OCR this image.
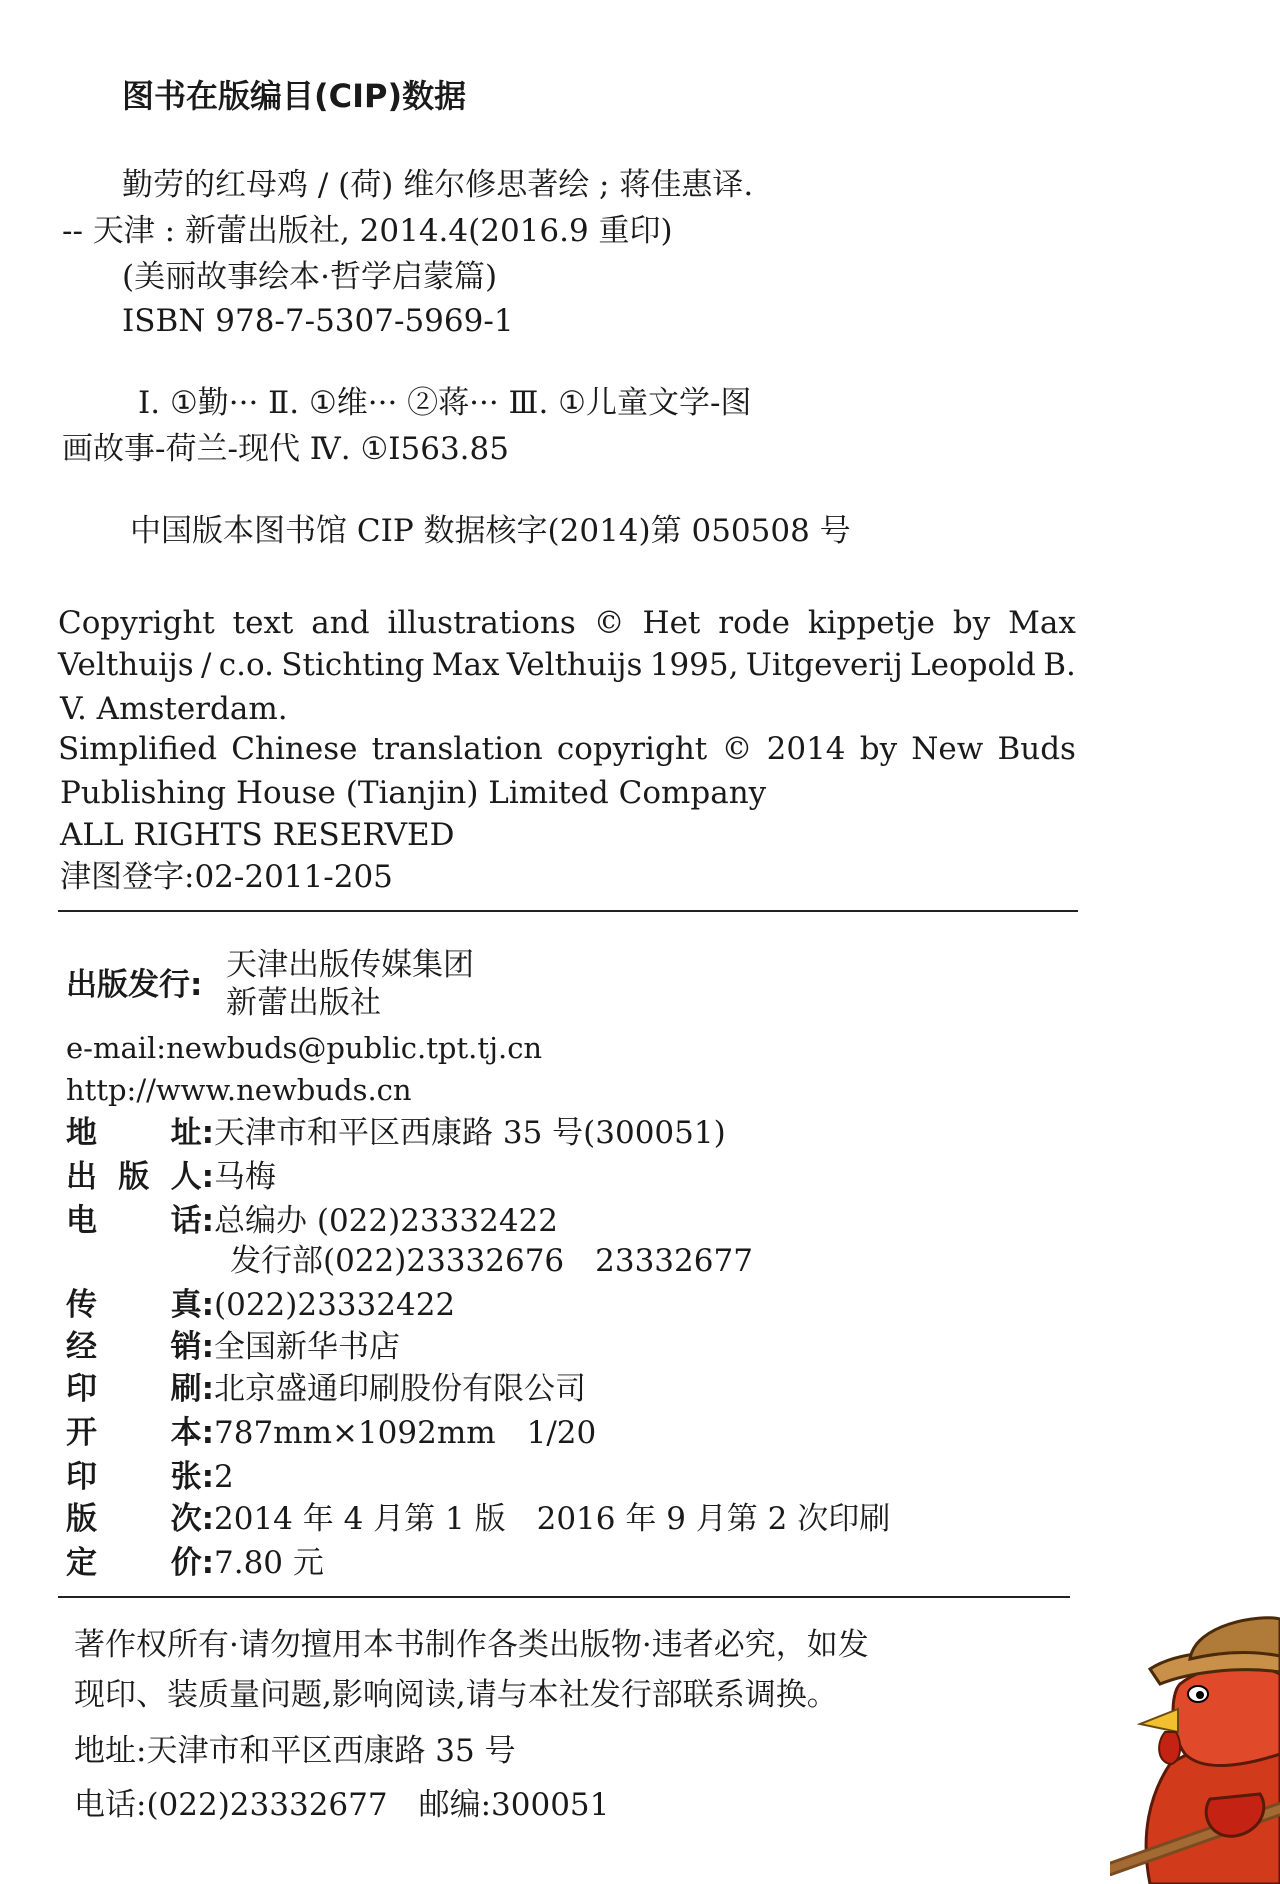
图书在版编目(CIP)数据
勤劳的红母鸡 / (荷) 维尔修思著绘 ; 蒋佳惠译.
-- 天津 : 新蕾出版社, 2014.4(2016.9 重印)
(美丽故事绘本·哲学启蒙篇)
ISBN 978-7-5307-5969-1
Ⅰ. ①勤··· Ⅱ. ①维··· ②蒋··· Ⅲ. ①儿童文学-图
画故事-荷兰-现代 Ⅳ. ①I563.85
中国版本图书馆 CIP 数据核字(2014)第 050508 号
Copyright text and illustrations © Het rode kippetje by Max
Velthuijs / c.o. Stichting Max Velthuijs 1995, Uitgeverij Leopold B.
V. Amsterdam.
Simplified Chinese translation copyright © 2014 by New Buds
Publishing House (Tianjin) Limited Company
ALL RIGHTS RESERVED
津图登字:02-2011-205
出版发行:
天津出版传媒集团
新蕾出版社
e-mail:newbuds@public.tpt.tj.cn
http://www.newbuds.cn
地 址: 天津市和平区西康路 35 号(300051)
出 版 人: 马梅
电 话: 总编办 (022)23332422
发行部(022)23332676　23332677
传 真: (022)23332422
经 销: 全国新华书店
印 刷: 北京盛通印刷股份有限公司
开 本: 787mm×1092mm　1/20
印 张: 2
版 次: 2014 年 4 月第 1 版　2016 年 9 月第 2 次印刷
定 价: 7.80 元
著作权所有·请勿擅用本书制作各类出版物·违者必究，如发
现印、装质量问题,影响阅读,请与本社发行部联系调换。
地址:天津市和平区西康路 35 号
电话:(022)23332677　邮编:300051
